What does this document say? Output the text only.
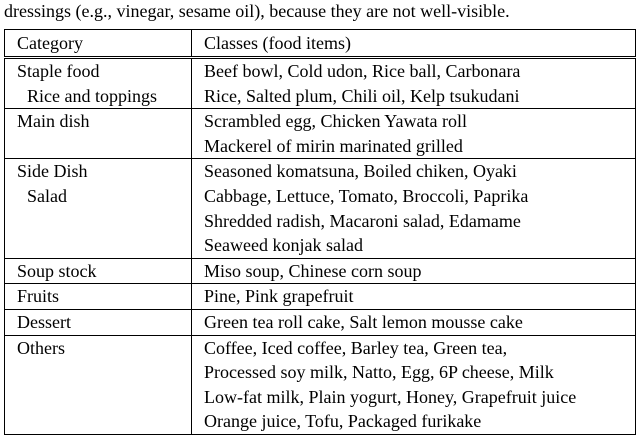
dressings (e.g., vinegar, sesame oil), because they are not well-visible.
Category	Classes (food items)

Staple food
Rice and toppings	Beef bowl, Cold udon, Rice ball, Carbonara
Rice, Salted plum, Chili oil, Kelp tsukudani

Main dish	Scrambled egg, Chicken Yawata roll
Mackerel of mirin marinated grilled

Side Dish
Salad	Seasoned komatsuna, Boiled chiken, Oyaki
Cabbage, Lettuce, Tomato, Broccoli, Paprika
Shredded radish, Macaroni salad, Edamame
Seaweed konjak salad

Soup stock	Miso soup, Chinese corn soup

Fruits	Pine, Pink grapefruit

Dessert	Green tea roll cake, Salt lemon mousse cake

Others	Coffee, Iced coffee, Barley tea, Green tea,
Processed soy milk, Natto, Egg, 6P cheese, Milk
Low-fat milk, Plain yogurt, Honey, Grapefruit juice
Orange juice, Tofu, Packaged furikake
